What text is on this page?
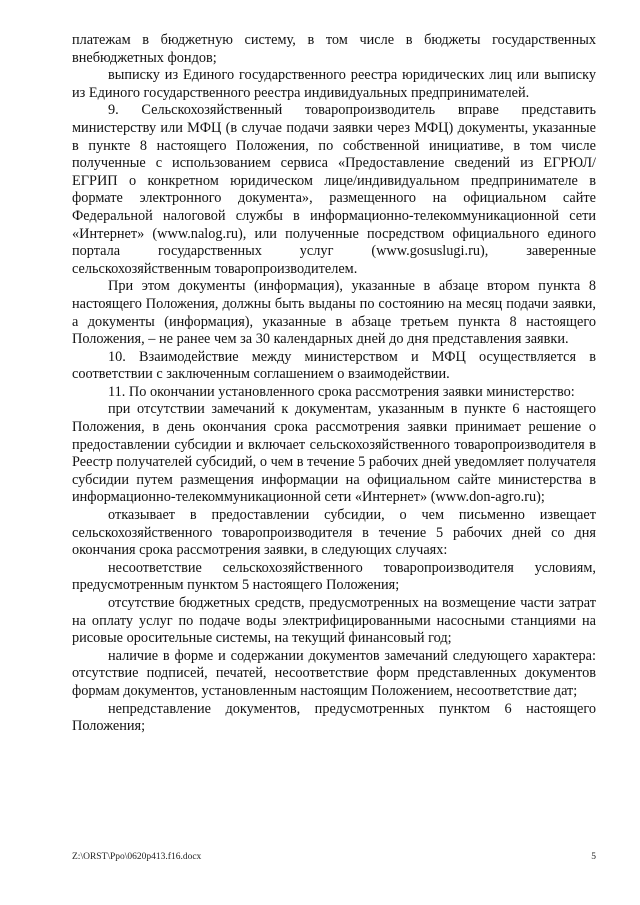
платежам в бюджетную систему, в том числе в бюджеты государственных внебюджетных фондов;

выписку из Единого государственного реестра юридических лиц или выписку из Единого государственного реестра индивидуальных предпринимателей.

9. Сельскохозяйственный товаропроизводитель вправе представить министерству или МФЦ (в случае подачи заявки через МФЦ) документы, указанные в пункте 8 настоящего Положения, по собственной инициативе, в том числе полученные с использованием сервиса «Предоставление сведений из ЕГРЮЛ/ЕГРИП о конкретном юридическом лице/индивидуальном предпринимателе в формате электронного документа», размещенного на официальном сайте Федеральной налоговой службы в информационно-телекоммуникационной сети «Интернет» (www.nalog.ru), или полученные посредством официального единого портала государственных услуг (www.gosuslugi.ru), заверенные сельскохозяйственным товаропроизводителем.

При этом документы (информация), указанные в абзаце втором пункта 8 настоящего Положения, должны быть выданы по состоянию на месяц подачи заявки, а документы (информация), указанные в абзаце третьем пункта 8 настоящего Положения, – не ранее чем за 30 календарных дней до дня представления заявки.

10. Взаимодействие между министерством и МФЦ осуществляется в соответствии с заключенным соглашением о взаимодействии.

11. По окончании установленного срока рассмотрения заявки министерство:

при отсутствии замечаний к документам, указанным в пункте 6 настоящего Положения, в день окончания срока рассмотрения заявки принимает решение о предоставлении субсидии и включает сельскохозяйственного товаропроизводителя в Реестр получателей субсидий, о чем в течение 5 рабочих дней уведомляет получателя субсидии путем размещения информации на официальном сайте министерства в информационно-телекоммуникационной сети «Интернет» (www.don-agro.ru);

отказывает в предоставлении субсидии, о чем письменно извещает сельскохозяйственного товаропроизводителя в течение 5 рабочих дней со дня окончания срока рассмотрения заявки, в следующих случаях:

несоответствие сельскохозяйственного товаропроизводителя условиям, предусмотренным пунктом 5 настоящего Положения;

отсутствие бюджетных средств, предусмотренных на возмещение части затрат на оплату услуг по подаче воды электрифицированными насосными станциями на рисовые оросительные системы, на текущий финансовый год;

наличие в форме и содержании документов замечаний следующего характера: отсутствие подписей, печатей, несоответствие форм представленных документов формам документов, установленным настоящим Положением, несоответствие дат;

непредставление документов, предусмотренных пунктом 6 настоящего Положения;

Z:\ORST\Ppo\0620p413.f16.docx	5
